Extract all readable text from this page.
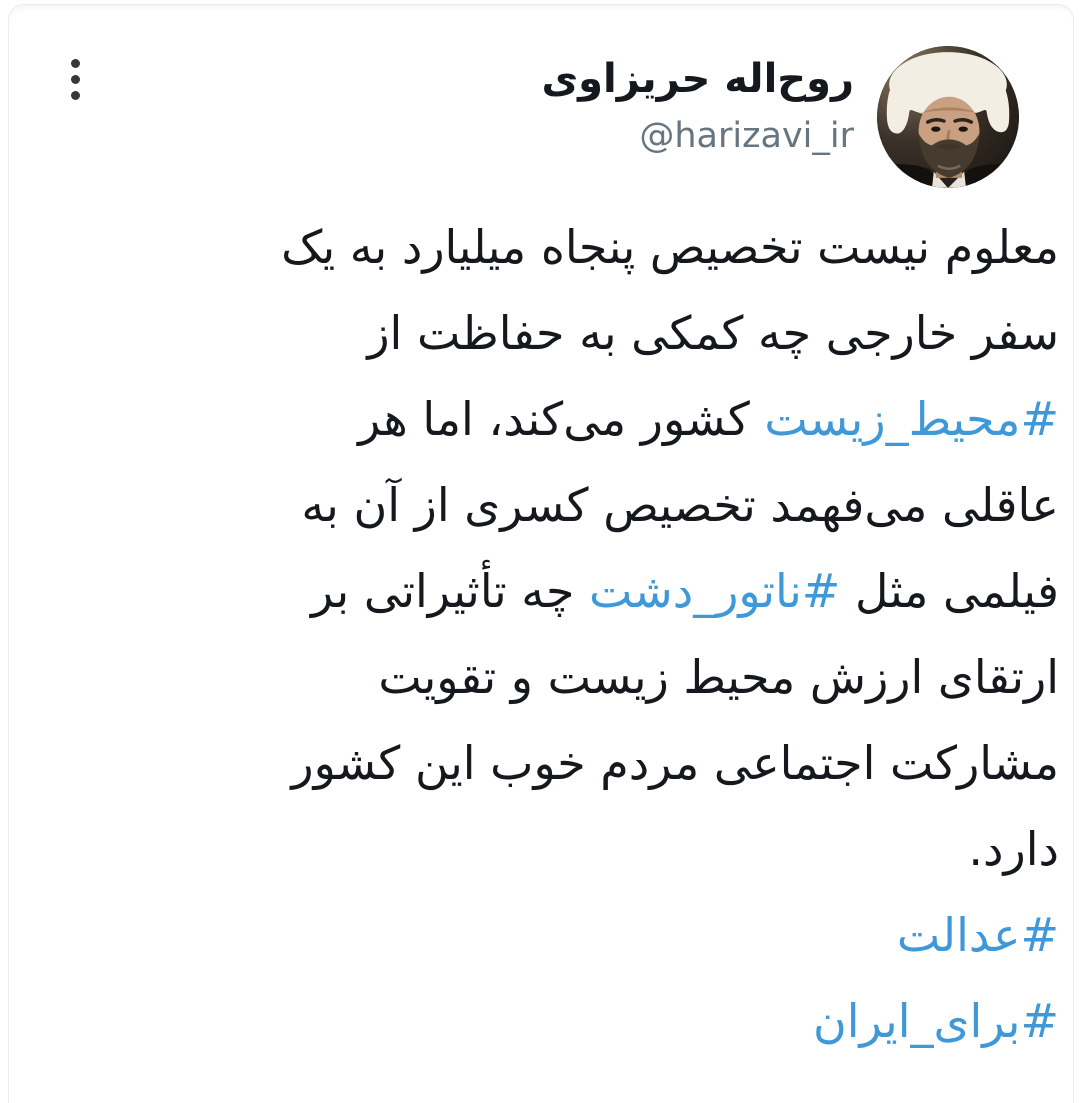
روح‌اله حریزاوی
@harizavi_ir
معلوم نیست تخصیص پنجاه میلیارد به یک
سفر خارجی چه کمکی به حفاظت از
#محیط_زیست کشور می‌کند، اما هر
عاقلی می‌فهمد تخصیص کسری از آن به
فیلمی مثل #ناتور_دشت چه تأثیراتی بر
ارتقای ارزش محیط زیست و تقویت
مشارکت اجتماعی مردم خوب این کشور
دارد.
#عدالت
#برای_ایران
